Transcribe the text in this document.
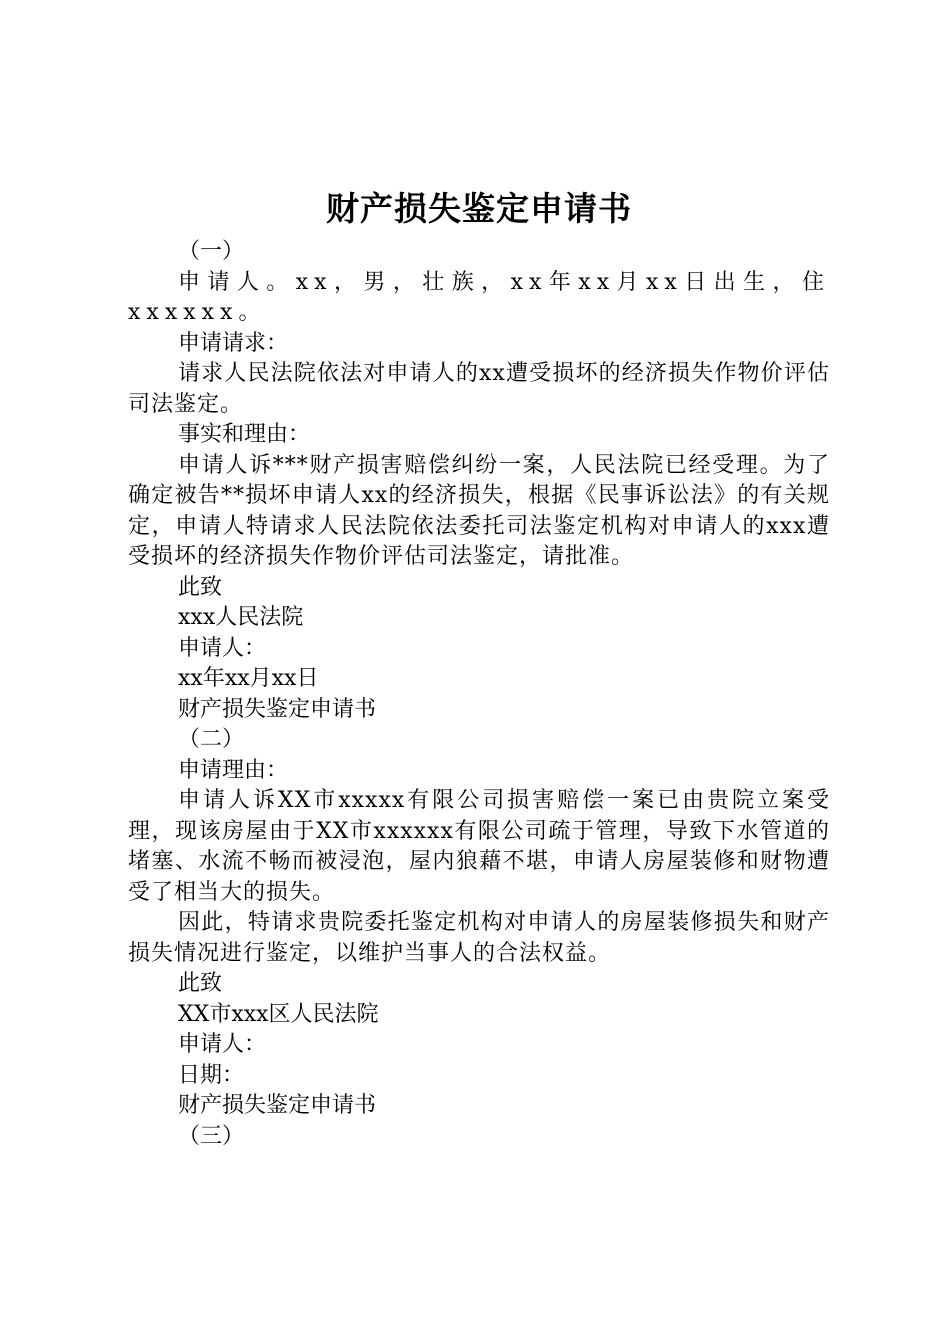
财产损失鉴定申请书

（一）

申请人。xx，男，壮族，xx年xx月xx日出生，住xxxxxx。

申请请求：

请求人民法院依法对申请人的xx遭受损坏的经济损失作物价评估司法鉴定。

事实和理由：

申请人诉***财产损害赔偿纠纷一案，人民法院已经受理。为了确定被告**损坏申请人xx的经济损失，根据《民事诉讼法》的有关规定，申请人特请求人民法院依法委托司法鉴定机构对申请人的xxx遭受损坏的经济损失作物价评估司法鉴定，请批准。

此致

xxx人民法院

申请人：

xx年xx月xx日

财产损失鉴定申请书

（二）

申请理由：

申请人诉XX市xxxxx有限公司损害赔偿一案已由贵院立案受理，现该房屋由于XX市xxxxxx有限公司疏于管理，导致下水管道的堵塞、水流不畅而被浸泡，屋内狼藉不堪，申请人房屋装修和财物遭受了相当大的损失。

因此，特请求贵院委托鉴定机构对申请人的房屋装修损失和财产损失情况进行鉴定，以维护当事人的合法权益。

此致

XX市xxx区人民法院

申请人：

日期：

财产损失鉴定申请书

（三）
